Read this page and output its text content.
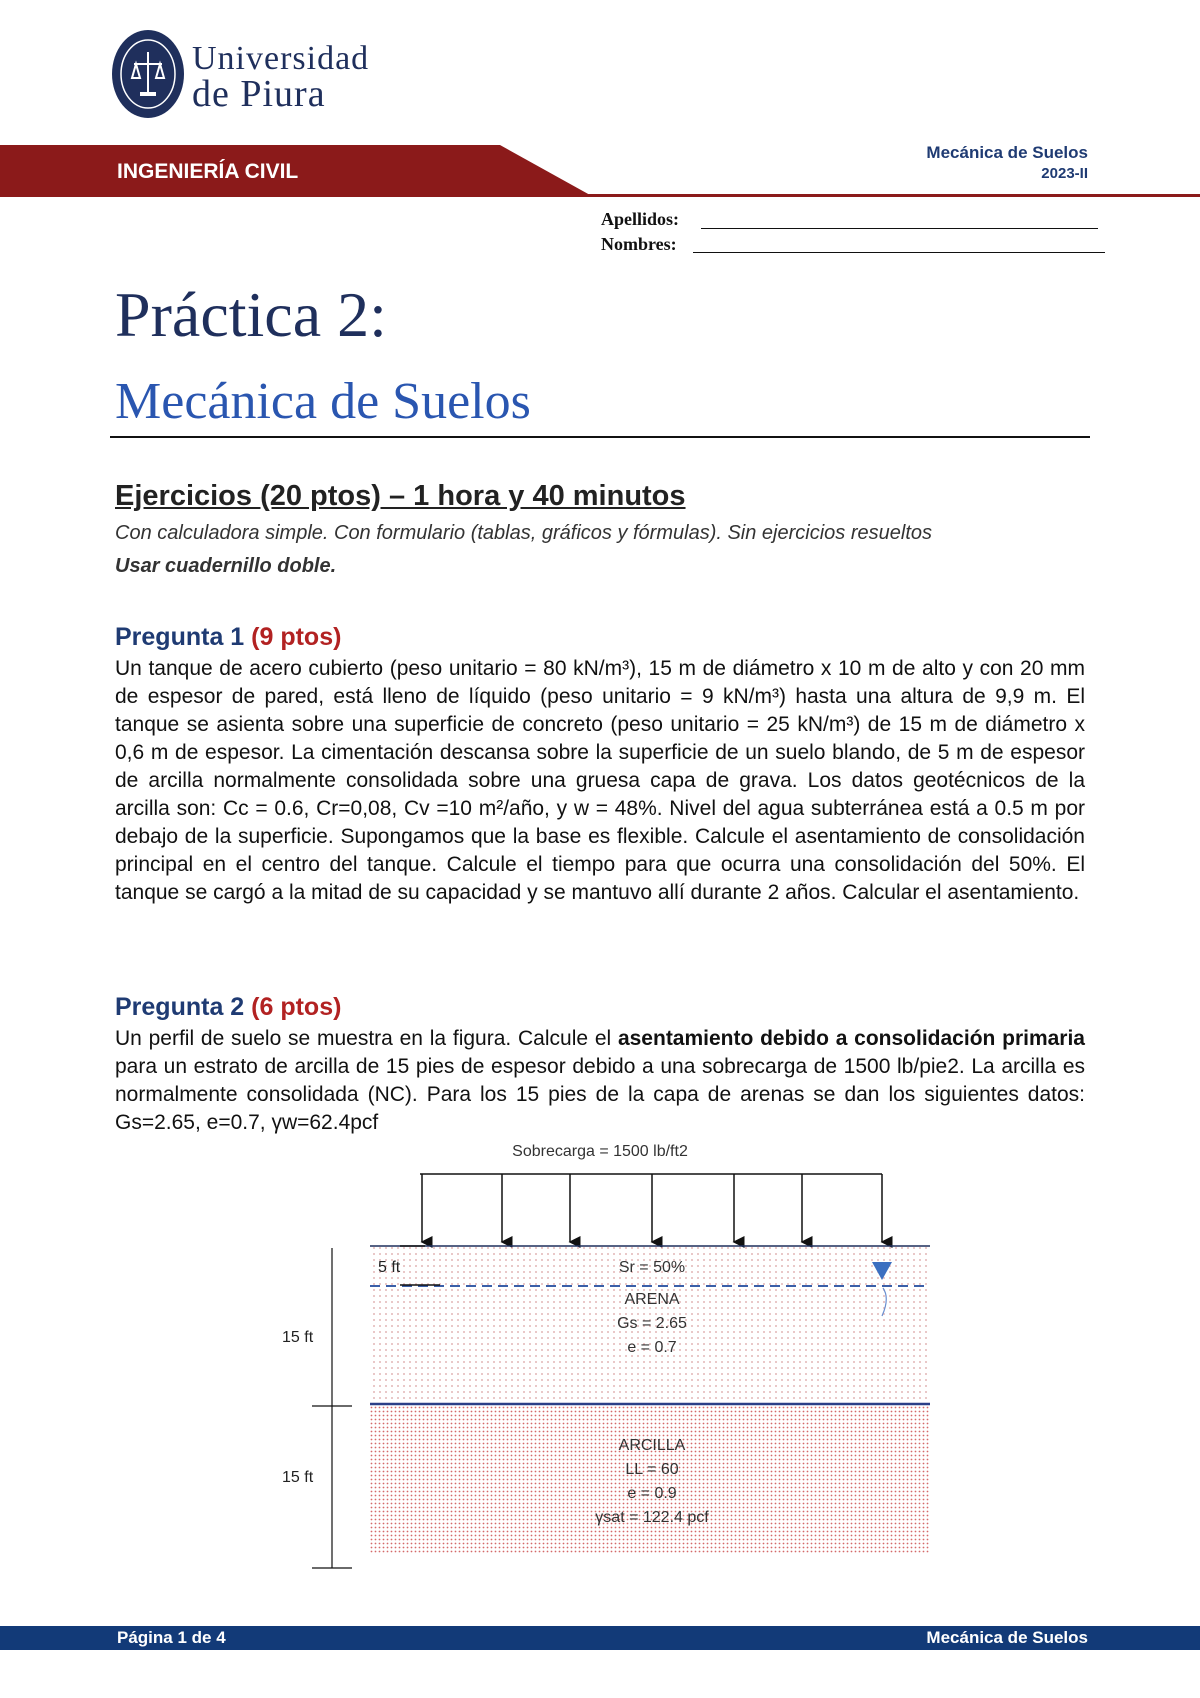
Universidad
de Piura
INGENIERÍA CIVIL
Mecánica de Suelos
2023-II
Apellidos:
Nombres:
Práctica 2:
Mecánica de Suelos
Ejercicios (20 ptos) – 1 hora y 40 minutos
Con calculadora simple. Con formulario (tablas, gráficos y fórmulas). Sin ejercicios resueltos
Usar cuadernillo doble.
Pregunta 1 (9 ptos)
Un tanque de acero cubierto (peso unitario = 80 kN/m³), 15 m de diámetro x 10 m de alto y con 20 mm de espesor de pared, está lleno de líquido (peso unitario = 9 kN/m³) hasta una altura de 9,9 m. El tanque se asienta sobre una superficie de concreto (peso unitario = 25 kN/m³) de 15 m de diámetro x 0,6 m de espesor. La cimentación descansa sobre la superficie de un suelo blando, de 5 m de espesor de arcilla normalmente consolidada sobre una gruesa capa de grava. Los datos geotécnicos de la arcilla son: Cc = 0.6, Cr=0,08, Cv =10 m²/año, y w = 48%. Nivel del agua subterránea está a 0.5 m por debajo de la superficie. Supongamos que la base es flexible. Calcule el asentamiento de consolidación principal en el centro del tanque. Calcule el tiempo para que ocurra una consolidación del 50%. El tanque se cargó a la mitad de su capacidad y se mantuvo allí durante 2 años. Calcular el asentamiento.
Pregunta 2 (6 ptos)
Un perfil de suelo se muestra en la figura. Calcule el asentamiento debido a consolidación primaria para un estrato de arcilla de 15 pies de espesor debido a una sobrecarga de 1500 lb/pie2. La arcilla es normalmente consolidada (NC). Para los 15 pies de la capa de arenas se dan los siguientes datos: Gs=2.65, e=0.7, γw=62.4pcf
Sobrecarga = 1500 lb/ft2
5 ft	Sr = 50%
ARENA
Gs = 2.65
e = 0.7
ARCILLA
LL = 60
e = 0.9
γsat = 122.4 pcf
15 ft
15 ft
Página 1 de 4	Mecánica de Suelos
